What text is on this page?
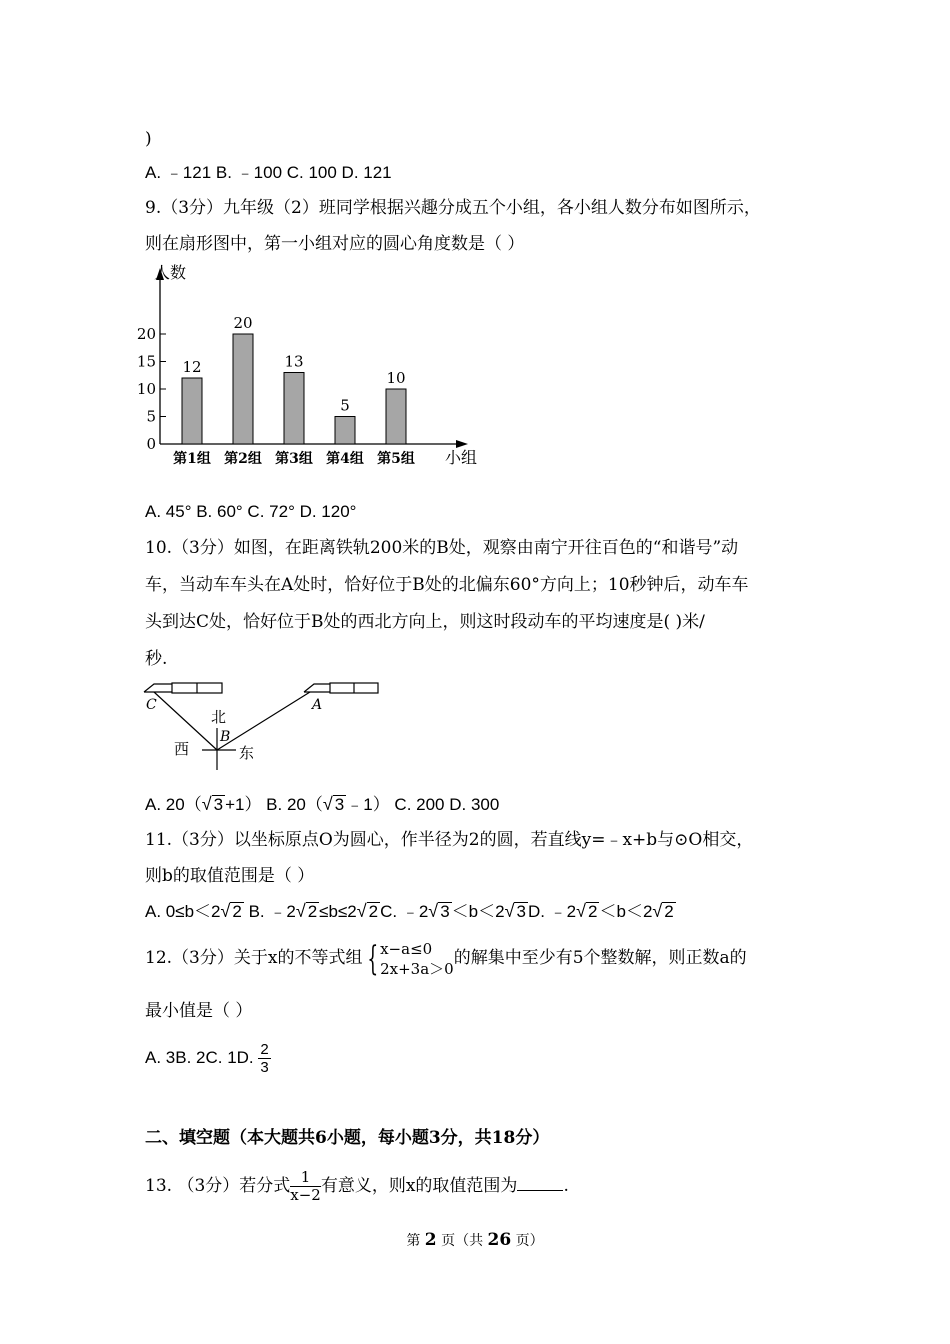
)
A. ﹣121 B. ﹣100 C. 100 D. 121
9.（3分）九年级（2）班同学根据兴趣分成五个小组，各小组人数分布如图所示，
则在扇形图中，第一小组对应的圆心角度数是（ ）
人数
小组
0
5
10
15
20
12
第1组
20
第2组
13
第3组
5
第4组
10
第5组
A. 45° B. 60° C. 72° D. 120°
10.（3分）如图，在距离铁轨200米的B处，观察由南宁开往百色的“和谐号”动
车，当动车车头在A处时，恰好位于B处的北偏东60°方向上；10秒钟后，动车车
头到达C处，恰好位于B处的西北方向上，则这时段动车的平均速度是( )米/
秒.
C	A
北
B
西	东
A. 20（√ 3 +1） B. 20（√ 3 ﹣1） C. 200 D. 300
11.（3分）以坐标原点O为圆心，作半径为2的圆，若直线y=﹣x+b与⊙O相交，
则b的取值范围是（ ）
A. 0≤b＜2√ 2 B. ﹣2√ 2 ≤b≤2√ 2 C. ﹣2√ 3 ＜b＜2√ 3 D. ﹣2√ 2 ＜b＜2√ 2
12.（3分）关于x的不等式组 { x−a≤0
2x+3a＞0
的解集中至少有5个整数解，则正数a的
最小值是（ ）
A. 3B. 2C. 1D. $\frac{2}{3}$
二、填空题（本大题共6小题，每小题3分，共18分）
13. （3分）若分式 $\frac{1}{x-2}$ 有意义，则x的取值范围为	.
第 2 页（共 26 页）
